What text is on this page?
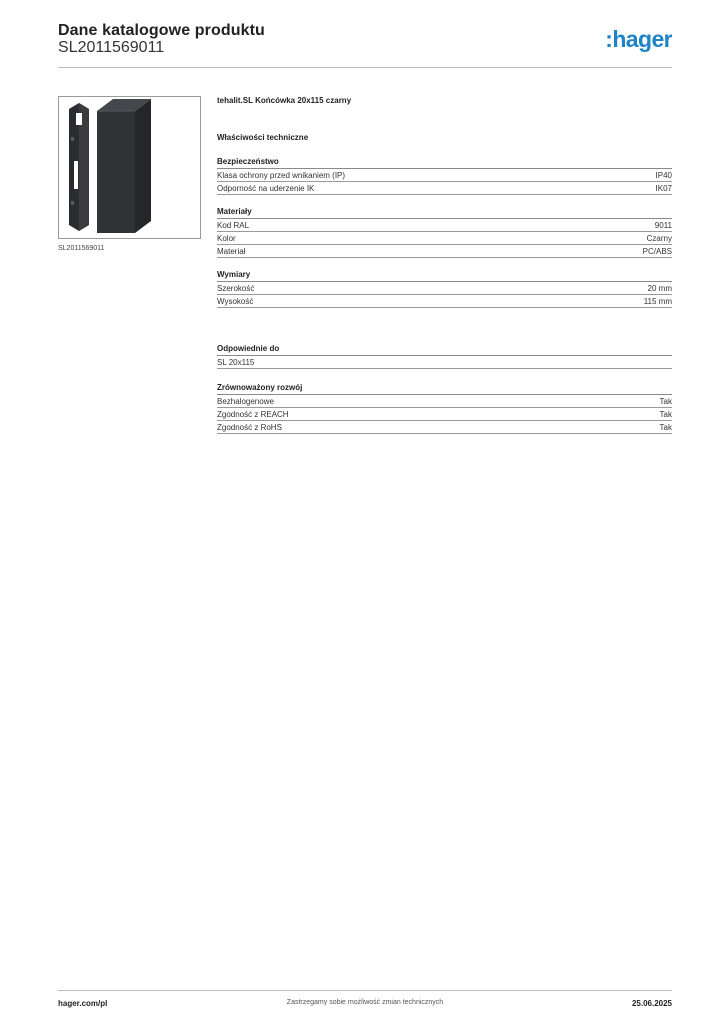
Dane katalogowe produktu
SL2011569011	:hager
SL2011569011
tehalit.SL Końcówka 20x115 czarny
Właściwości techniczne
Bezpieczeństwo
Klasa ochrony przed wnikaniem (IP)	IP40
Odporność na uderzenie IK	IK07
Materiały
Kod RAL	9011
Kolor	Czarny
Materiał	PC/ABS
Wymiary
Szerokość	20 mm
Wysokość	115 mm
Odpowiednie do
SL 20x115
Zrównoważony rozwój
Bezhalogenowe	Tak
Zgodność z REACH	Tak
Zgodność z RoHS	Tak
hager.com/pl	Zastrzegamy sobie możliwość zmian technicznych	25.06.2025
